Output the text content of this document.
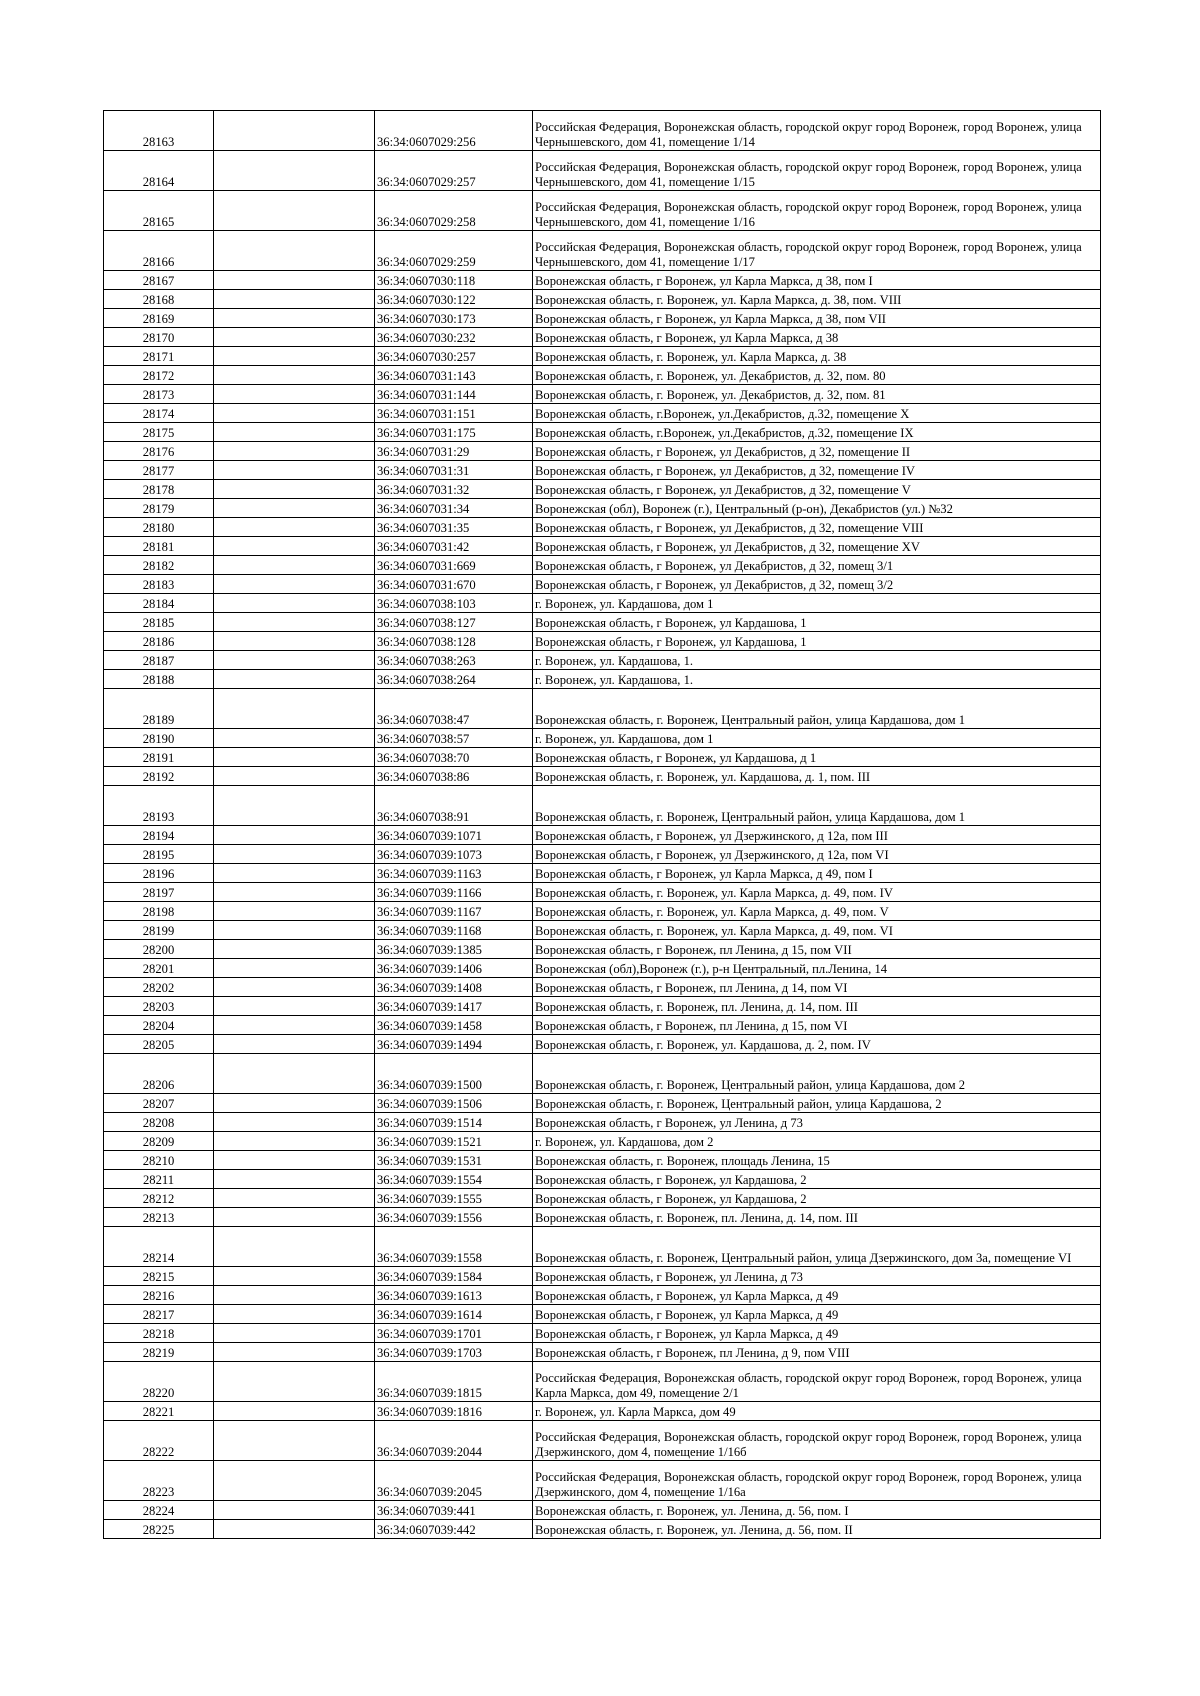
28163		36:34:0607029:256	Российская Федерация, Воронежская область, городской округ город Воронеж, город Воронеж, улица Чернышевского, дом 41, помещение 1/14
28164		36:34:0607029:257	Российская Федерация, Воронежская область, городской округ город Воронеж, город Воронеж, улица Чернышевского, дом 41, помещение 1/15
28165		36:34:0607029:258	Российская Федерация, Воронежская область, городской округ город Воронеж, город Воронеж, улица Чернышевского, дом 41, помещение 1/16
28166		36:34:0607029:259	Российская Федерация, Воронежская область, городской округ город Воронеж, город Воронеж, улица Чернышевского, дом 41, помещение 1/17
28167		36:34:0607030:118	Воронежская область, г Воронеж, ул Карла Маркса, д 38, пом I
28168		36:34:0607030:122	Воронежская область, г. Воронеж, ул. Карла Маркса, д. 38, пом. VIII
28169		36:34:0607030:173	Воронежская область, г Воронеж, ул Карла Маркса, д 38, пом VII
28170		36:34:0607030:232	Воронежская область, г Воронеж, ул Карла Маркса, д 38
28171		36:34:0607030:257	Воронежская область, г. Воронеж, ул. Карла Маркса, д. 38
28172		36:34:0607031:143	Воронежская область, г. Воронеж, ул. Декабристов, д. 32, пом. 80
28173		36:34:0607031:144	Воронежская область, г. Воронеж, ул. Декабристов, д. 32, пом. 81
28174		36:34:0607031:151	Воронежская область, г.Воронеж, ул.Декабристов, д.32, помещение X
28175		36:34:0607031:175	Воронежская область, г.Воронеж, ул.Декабристов, д.32, помещение IX
28176		36:34:0607031:29	Воронежская область, г Воронеж, ул Декабристов, д 32, помещение II
28177		36:34:0607031:31	Воронежская область, г Воронеж, ул Декабристов, д 32, помещение IV
28178		36:34:0607031:32	Воронежская область, г Воронеж, ул Декабристов, д 32, помещение V
28179		36:34:0607031:34	Воронежская (обл), Воронеж (г.), Центральный (р-он), Декабристов (ул.) №32
28180		36:34:0607031:35	Воронежская область, г Воронеж, ул Декабристов, д 32, помещение VIII
28181		36:34:0607031:42	Воронежская область, г Воронеж, ул Декабристов, д 32, помещение XV
28182		36:34:0607031:669	Воронежская область, г Воронеж, ул Декабристов, д 32, помещ 3/1
28183		36:34:0607031:670	Воронежская область, г Воронеж, ул Декабристов, д 32, помещ 3/2
28184		36:34:0607038:103	г. Воронеж, ул. Кардашова, дом 1
28185		36:34:0607038:127	Воронежская область, г Воронеж, ул Кардашова, 1
28186		36:34:0607038:128	Воронежская область, г Воронеж, ул Кардашова, 1
28187		36:34:0607038:263	г. Воронеж, ул. Кардашова, 1.
28188		36:34:0607038:264	г. Воронеж, ул. Кардашова, 1.
28189		36:34:0607038:47	Воронежская область, г. Воронеж, Центральный район, улица Кардашова, дом 1
28190		36:34:0607038:57	г. Воронеж, ул. Кардашова, дом 1
28191		36:34:0607038:70	Воронежская область, г Воронеж, ул Кардашова, д 1
28192		36:34:0607038:86	Воронежская область, г. Воронеж, ул. Кардашова, д. 1, пом. III
28193		36:34:0607038:91	Воронежская область, г. Воронеж, Центральный район, улица Кардашова, дом 1
28194		36:34:0607039:1071	Воронежская область, г Воронеж, ул Дзержинского, д 12а, пом III
28195		36:34:0607039:1073	Воронежская область, г Воронеж, ул Дзержинского, д 12а, пом VI
28196		36:34:0607039:1163	Воронежская область, г Воронеж, ул Карла Маркса, д 49, пом I
28197		36:34:0607039:1166	Воронежская область, г. Воронеж, ул. Карла Маркса, д. 49, пом. IV
28198		36:34:0607039:1167	Воронежская область, г. Воронеж, ул. Карла Маркса, д. 49, пом. V
28199		36:34:0607039:1168	Воронежская область, г. Воронеж, ул. Карла Маркса, д. 49, пом. VI
28200		36:34:0607039:1385	Воронежская область, г Воронеж, пл Ленина, д 15, пом VII
28201		36:34:0607039:1406	Воронежская (обл),Воронеж (г.), р-н Центральный, пл.Ленина, 14
28202		36:34:0607039:1408	Воронежская область, г Воронеж, пл Ленина, д 14, пом VI
28203		36:34:0607039:1417	Воронежская область, г. Воронеж, пл. Ленина, д. 14, пом. III
28204		36:34:0607039:1458	Воронежская область, г Воронеж, пл Ленина, д 15, пом VI
28205		36:34:0607039:1494	Воронежская область, г. Воронеж, ул. Кардашова, д. 2, пом. IV
28206		36:34:0607039:1500	Воронежская область, г. Воронеж, Центральный район, улица Кардашова, дом 2
28207		36:34:0607039:1506	Воронежская область, г. Воронеж, Центральный район, улица Кардашова, 2
28208		36:34:0607039:1514	Воронежская область, г Воронеж, ул Ленина, д 73
28209		36:34:0607039:1521	г. Воронеж, ул. Кардашова, дом 2
28210		36:34:0607039:1531	Воронежская область, г. Воронеж, площадь Ленина, 15
28211		36:34:0607039:1554	Воронежская область, г Воронеж, ул Кардашова, 2
28212		36:34:0607039:1555	Воронежская область, г Воронеж, ул Кардашова, 2
28213		36:34:0607039:1556	Воронежская область, г. Воронеж, пл. Ленина, д. 14, пом. III
28214		36:34:0607039:1558	Воронежская область, г. Воронеж, Центральный район, улица Дзержинского, дом 3а, помещение VI
28215		36:34:0607039:1584	Воронежская область, г Воронеж, ул Ленина, д 73
28216		36:34:0607039:1613	Воронежская область, г Воронеж, ул Карла Маркса, д 49
28217		36:34:0607039:1614	Воронежская область, г Воронеж, ул Карла Маркса, д 49
28218		36:34:0607039:1701	Воронежская область, г Воронеж, ул Карла Маркса, д 49
28219		36:34:0607039:1703	Воронежская область, г Воронеж, пл Ленина, д 9, пом VIII
28220		36:34:0607039:1815	Российская Федерация, Воронежская область, городской округ город Воронеж, город Воронеж, улица Карла Маркса, дом 49, помещение 2/1
28221		36:34:0607039:1816	г. Воронеж, ул. Карла Маркса, дом 49
28222		36:34:0607039:2044	Российская Федерация, Воронежская область, городской округ город Воронеж, город Воронеж, улица Дзержинского, дом 4, помещение 1/16б
28223		36:34:0607039:2045	Российская Федерация, Воронежская область, городской округ город Воронеж, город Воронеж, улица Дзержинского, дом 4, помещение 1/16а
28224		36:34:0607039:441	Воронежская область, г. Воронеж, ул. Ленина, д. 56, пом. I
28225		36:34:0607039:442	Воронежская область, г. Воронеж, ул. Ленина, д. 56, пом. II
